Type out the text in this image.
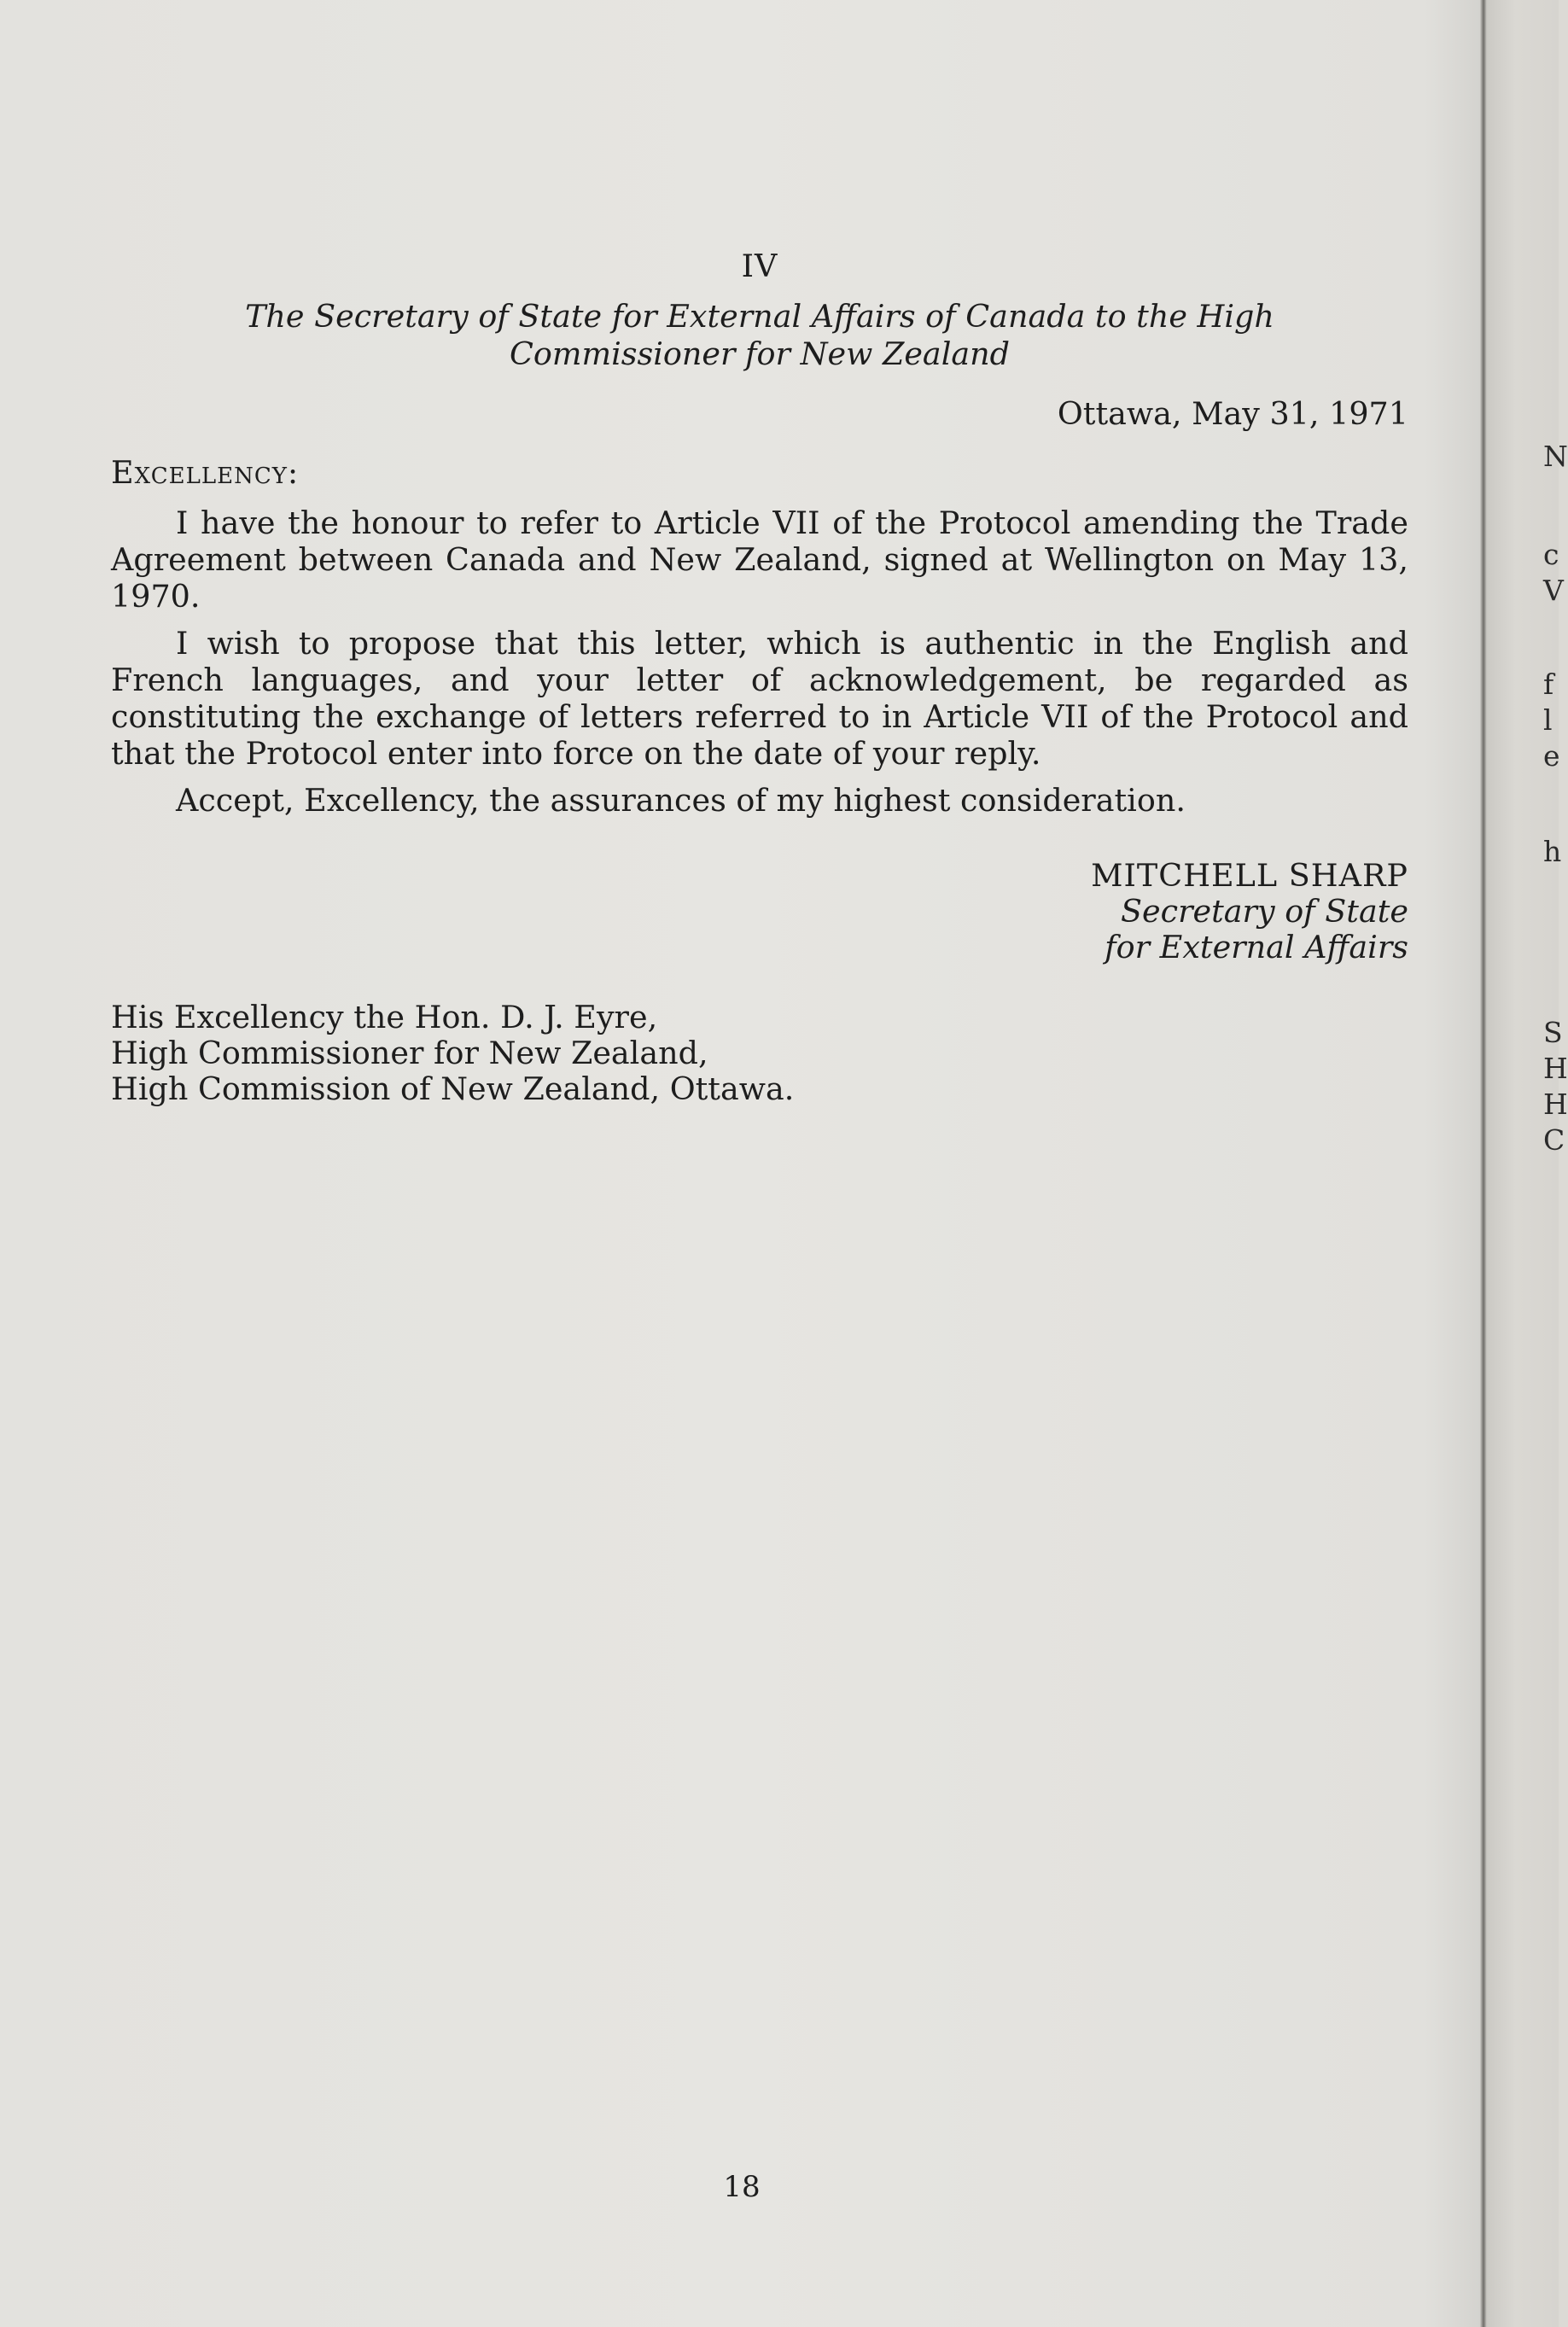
IV
The Secretary of State for External Affairs of Canada to the High
Commissioner for New Zealand
Ottawa, May 31, 1971
Excellency:

I have the honour to refer to Article VII of the Protocol amending the Trade Agreement between Canada and New Zealand, signed at Wellington on May 13, 1970.

I wish to propose that this letter, which is authentic in the English and French languages, and your letter of acknowledgement, be regarded as constituting the exchange of letters referred to in Article VII of the Protocol and that the Protocol enter into force on the date of your reply.

Accept, Excellency, the assurances of my highest consideration.

MITCHELL SHARP
Secretary of State
for External Affairs
His Excellency the Hon. D. J. Eyre,
High Commissioner for New Zealand,
High Commission of New Zealand, Ottawa.
18
N
c
V
f
l
e
h
S
H
H
C
